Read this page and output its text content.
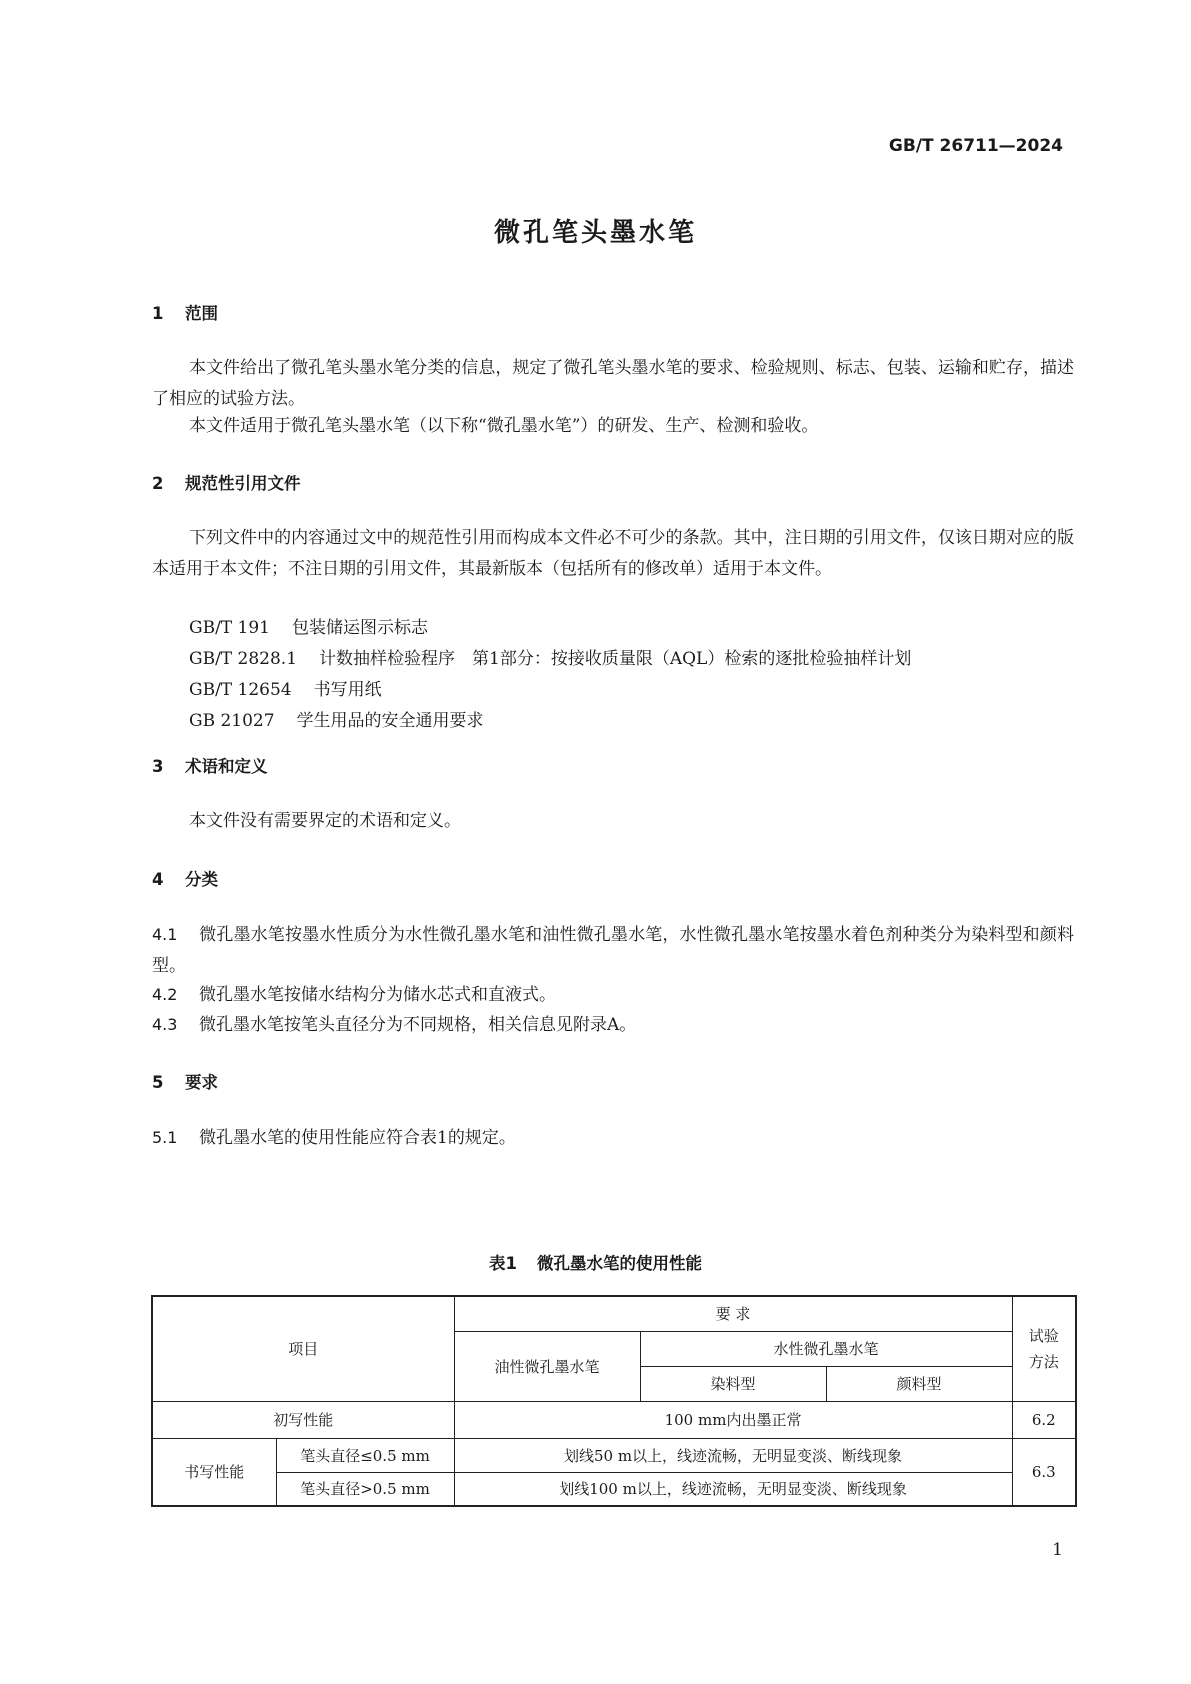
GB/T 26711—2024
微孔笔头墨水笔
1 范围
本文件给出了微孔笔头墨水笔分类的信息，规定了微孔笔头墨水笔的要求、检验规则、标志、包装、运输和贮存，描述了相应的试验方法。
本文件适用于微孔笔头墨水笔（以下称“微孔墨水笔”）的研发、生产、检测和验收。
2 规范性引用文件
下列文件中的内容通过文中的规范性引用而构成本文件必不可少的条款。其中，注日期的引用文件，仅该日期对应的版本适用于本文件；不注日期的引用文件，其最新版本（包括所有的修改单）适用于本文件。
GB/T 191 包装储运图示标志
GB/T 2828.1 计数抽样检验程序　第1部分：按接收质量限（AQL）检索的逐批检验抽样计划
GB/T 12654 书写用纸
GB 21027 学生用品的安全通用要求
3 术语和定义
本文件没有需要界定的术语和定义。
4 分类
4.1 微孔墨水笔按墨水性质分为水性微孔墨水笔和油性微孔墨水笔，水性微孔墨水笔按墨水着色剂种类分为染料型和颜料型。
4.2 微孔墨水笔按储水结构分为储水芯式和直液式。
4.3 微孔墨水笔按笔头直径分为不同规格，相关信息见附录A。
5 要求
5.1 微孔墨水笔的使用性能应符合表1的规定。
表1 微孔墨水笔的使用性能
项目		要 求			试验方法
		油性微孔墨水笔	水性微孔墨水笔		
			染料型	颜料型	
初写性能		100 mm内出墨正常			6.2
书写性能	笔头直径≤0.5 mm	划线50 m以上，线迹流畅，无明显变淡、断线现象			6.3
	笔头直径>0.5 mm	划线100 m以上，线迹流畅，无明显变淡、断线现象			
1
